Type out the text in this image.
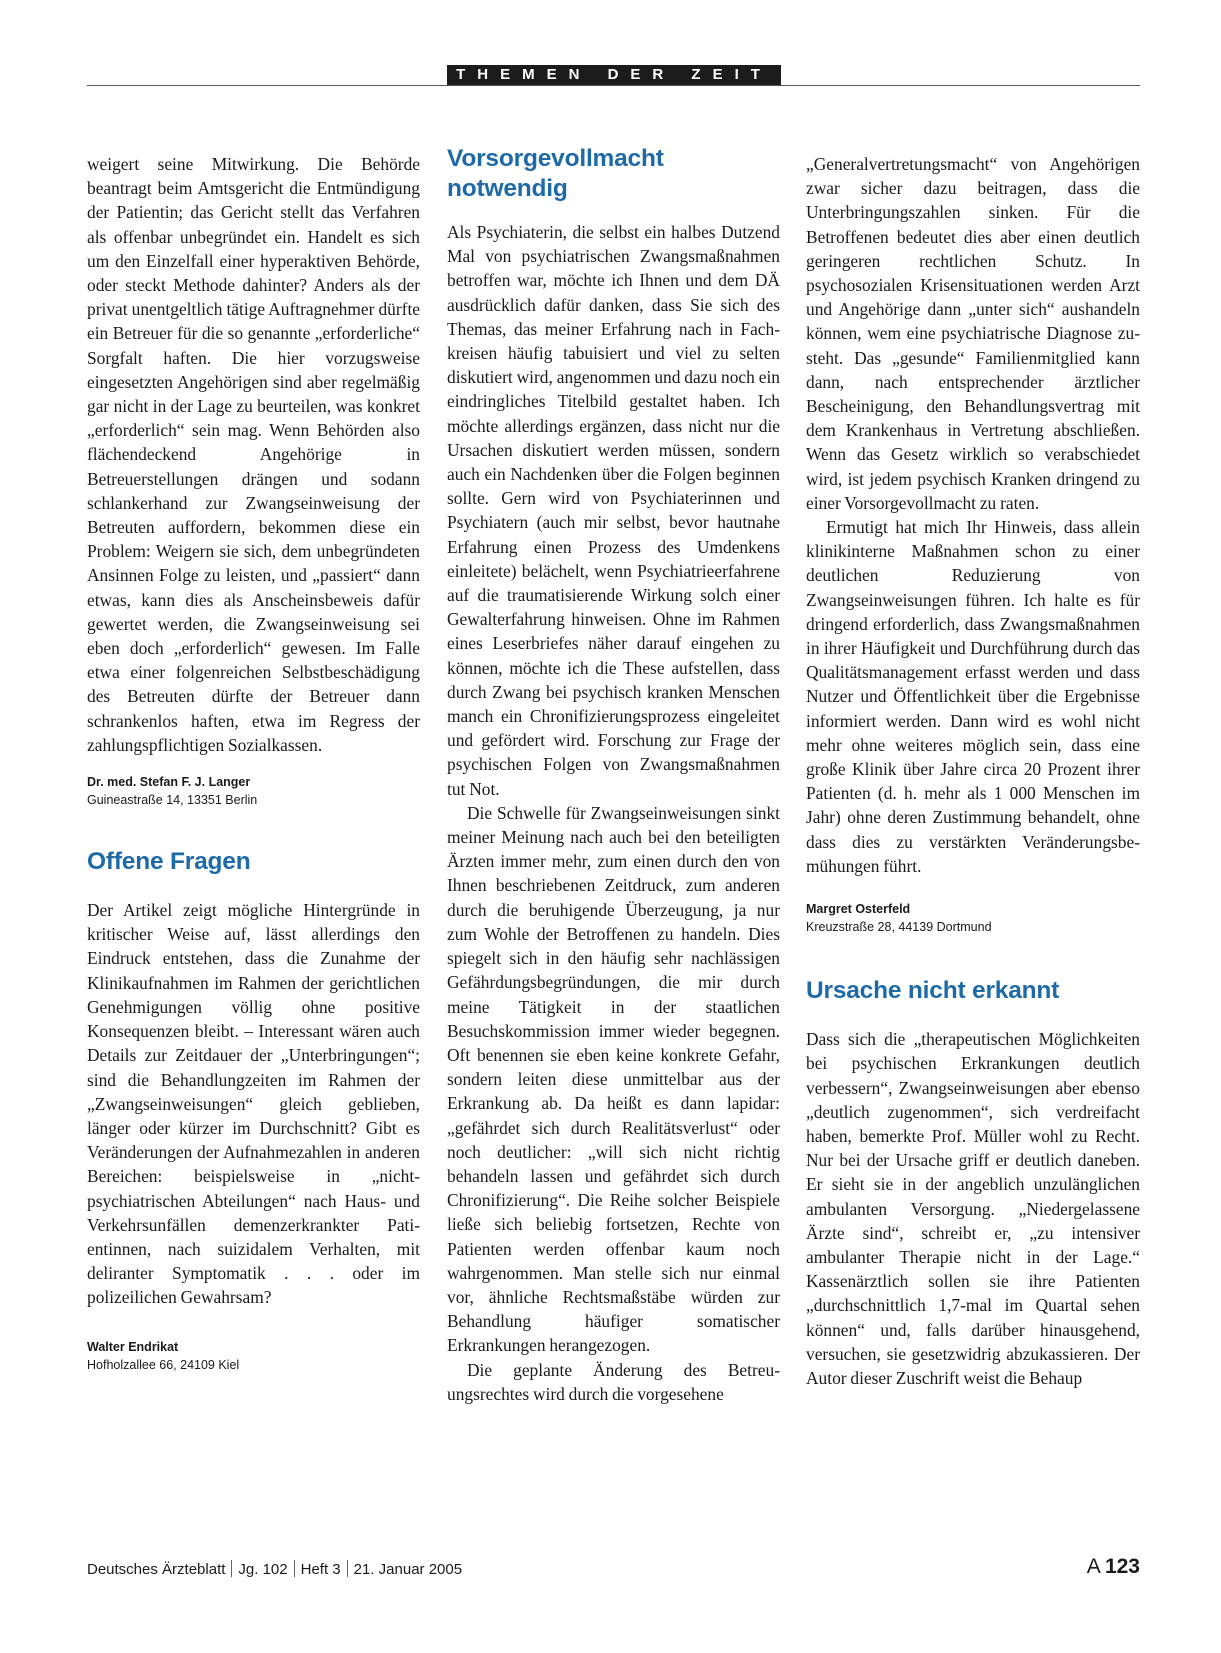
THEMEN DER ZEIT

weigert seine Mitwirkung. Die Behörde beantragt beim Amtsgericht die Entmündigung der Patientin; das Gericht stellt das Verfahren als offenbar unbegründet ein. Handelt es sich um den Einzelfall einer hyperaktiven Behörde, oder steckt Methode dahinter? Anders als der privat unentgeltlich tätige Auftragnehmer dürfte ein Betreuer für die so genannte „erforderliche“ Sorgfalt haften. Die hier vorzugsweise eingesetzten Angehörigen sind aber regelmäßig gar nicht in der Lage zu beurteilen, was konkret „erforderlich“ sein mag. Wenn Behörden also flächendeckend Angehörige in Betreuerstellungen drängen und sodann schlankerhand zur Zwangseinweisung der Betreuten auffordern, bekommen diese ein Problem: Weigern sie sich, dem unbegründeten Ansinnen Folge zu leisten, und „passiert“ dann etwas, kann dies als Anscheinsbeweis dafür gewertet werden, die Zwangseinweisung sei eben doch „erforderlich“ gewesen. Im Falle etwa einer folgenreichen Selbstbeschädigung des Betreuten dürfte der Betreuer dann schrankenlos haften, etwa im Regress der zahlungspflichtigen Sozialkassen.

Dr. med. Stefan F. J. Langer
Guineastraße 14, 13351 Berlin
Offene Fragen

Der Artikel zeigt mögliche Hintergründe in kritischer Weise auf, lässt allerdings den Eindruck entstehen, dass die Zunahme der Klinikaufnahmen im Rahmen der gerichtlichen Genehmigungen völlig ohne positive Konsequenzen bleibt. – Interessant wären auch Details zur Zeitdauer der „Unterbringungen“; sind die Behandlungzeiten im Rahmen der „Zwangseinweisungen“ gleich geblieben, länger oder kürzer im Durchschnitt? Gibt es Veränderungen der Aufnahmezahlen in anderen Bereichen: beispielsweise in „nicht-psychiatrischen Abteilungen“ nach Haus- und Verkehrsunfällen demenzerkrankter Patientinnen, nach suizidalem Verhalten, mit deliranter Symptomatik . . . oder im polizeilichen Gewahrsam?

Walter Endrikat
Hofholzallee 66, 24109 Kiel
Vorsorgevollmacht notwendig

Als Psychiaterin, die selbst ein halbes Dutzend Mal von psychiatrischen Zwangsmaßnahmen betroffen war, möchte ich Ihnen und dem DÄ ausdrücklich dafür danken, dass Sie sich des Themas, das meiner Erfahrung nach in Fachkreisen häufig tabuisiert und viel zu selten diskutiert wird, angenommen und dazu noch ein eindringliches Titelbild gestaltet haben. Ich möchte allerdings ergänzen, dass nicht nur die Ursachen diskutiert werden müssen, sondern auch ein Nachdenken über die Folgen beginnen sollte. Gern wird von Psychiaterinnen und Psychiatern (auch mir selbst, bevor hautnahe Erfahrung einen Prozess des Umdenkens einleitete) belächelt, wenn Psychiatrieerfahrene auf die traumatisierende Wirkung solch einer Gewalterfahrung hinweisen. Ohne im Rahmen eines Leserbriefes näher darauf eingehen zu können, möchte ich die These aufstellen, dass durch Zwang bei psychisch kranken Menschen manch ein Chronifizierungsprozess eingeleitet und gefördert wird. Forschung zur Frage der psychischen Folgen von Zwangsmaßnahmen tut Not.

Die Schwelle für Zwangseinweisungen sinkt meiner Meinung nach auch bei den beteiligten Ärzten immer mehr, zum einen durch den von Ihnen beschriebenen Zeitdruck, zum anderen durch die beruhigende Überzeugung, ja nur zum Wohle der Betroffenen zu handeln. Dies spiegelt sich in den häufig sehr nachlässigen Gefährdungsbegründungen, die mir durch meine Tätigkeit in der staatlichen Besuchskommission immer wieder begegnen. Oft benennen sie eben keine konkrete Gefahr, sondern leiten diese unmittelbar aus der Erkrankung ab. Da heißt es dann lapidar: „gefährdet sich durch Realitätsverlust“ oder noch deutlicher: „will sich nicht richtig behandeln lassen und gefährdet sich durch Chronifizierung“. Die Reihe solcher Beispiele ließe sich beliebig fortsetzen, Rechte von Patienten werden offenbar kaum noch wahrgenommen. Man stelle sich nur einmal vor, ähnliche Rechtsmaßstäbe würden zur Behandlung häufiger somatischer Erkrankungen herangezogen.

Die geplante Änderung des Betreuungsrechtes wird durch die vorgesehene

„Generalvertretungsmacht“ von Angehörigen zwar sicher dazu beitragen, dass die Unterbringungszahlen sinken. Für die Betroffenen bedeutet dies aber einen deutlich geringeren rechtlichen Schutz. In psychosozialen Krisensituationen werden Arzt und Angehörige dann „unter sich“ aushandeln können, wem eine psychiatrische Diagnose zusteht. Das „gesunde“ Familienmitglied kann dann, nach entsprechender ärztlicher Bescheinigung, den Behandlungsvertrag mit dem Krankenhaus in Vertretung abschließen. Wenn das Gesetz wirklich so verabschiedet wird, ist jedem psychisch Kranken dringend zu einer Vorsorgevollmacht zu raten.

Ermutigt hat mich Ihr Hinweis, dass allein klinikinterne Maßnahmen schon zu einer deutlichen Reduzierung von Zwangseinweisungen führen. Ich halte es für dringend erforderlich, dass Zwangsmaßnahmen in ihrer Häufigkeit und Durchführung durch das Qualitätsmanagement erfasst werden und dass Nutzer und Öffentlichkeit über die Ergebnisse informiert werden. Dann wird es wohl nicht mehr ohne weiteres möglich sein, dass eine große Klinik über Jahre circa 20 Prozent ihrer Patienten (d. h. mehr als 1 000 Menschen im Jahr) ohne deren Zustimmung behandelt, ohne dass dies zu verstärkten Veränderungsbemühungen führt.

Margret Osterfeld
Kreuzstraße 28, 44139 Dortmund
Ursache nicht erkannt

Dass sich die „therapeutischen Möglichkeiten bei psychischen Erkrankungen deutlich verbessern“, Zwangseinweisungen aber ebenso „deutlich zugenommen“, sich verdreifacht haben, bemerkte Prof. Müller wohl zu Recht. Nur bei der Ursache griff er deutlich daneben. Er sieht sie in der angeblich unzulänglichen ambulanten Versorgung. „Niedergelassene Ärzte sind“, schreibt er, „zu intensiver ambulanter Therapie nicht in der Lage.“ Kassenärztlich sollen sie ihre Patienten „durchschnittlich 1,7-mal im Quartal sehen können“ und, falls darüber hinausgehend, versuchen, sie gesetzwidrig abzukassieren. Der Autor dieser Zuschrift weist die Behaup

Deutsches Ärzteblatt Jg. 102 Heft 3 21. Januar 2005	A  123
